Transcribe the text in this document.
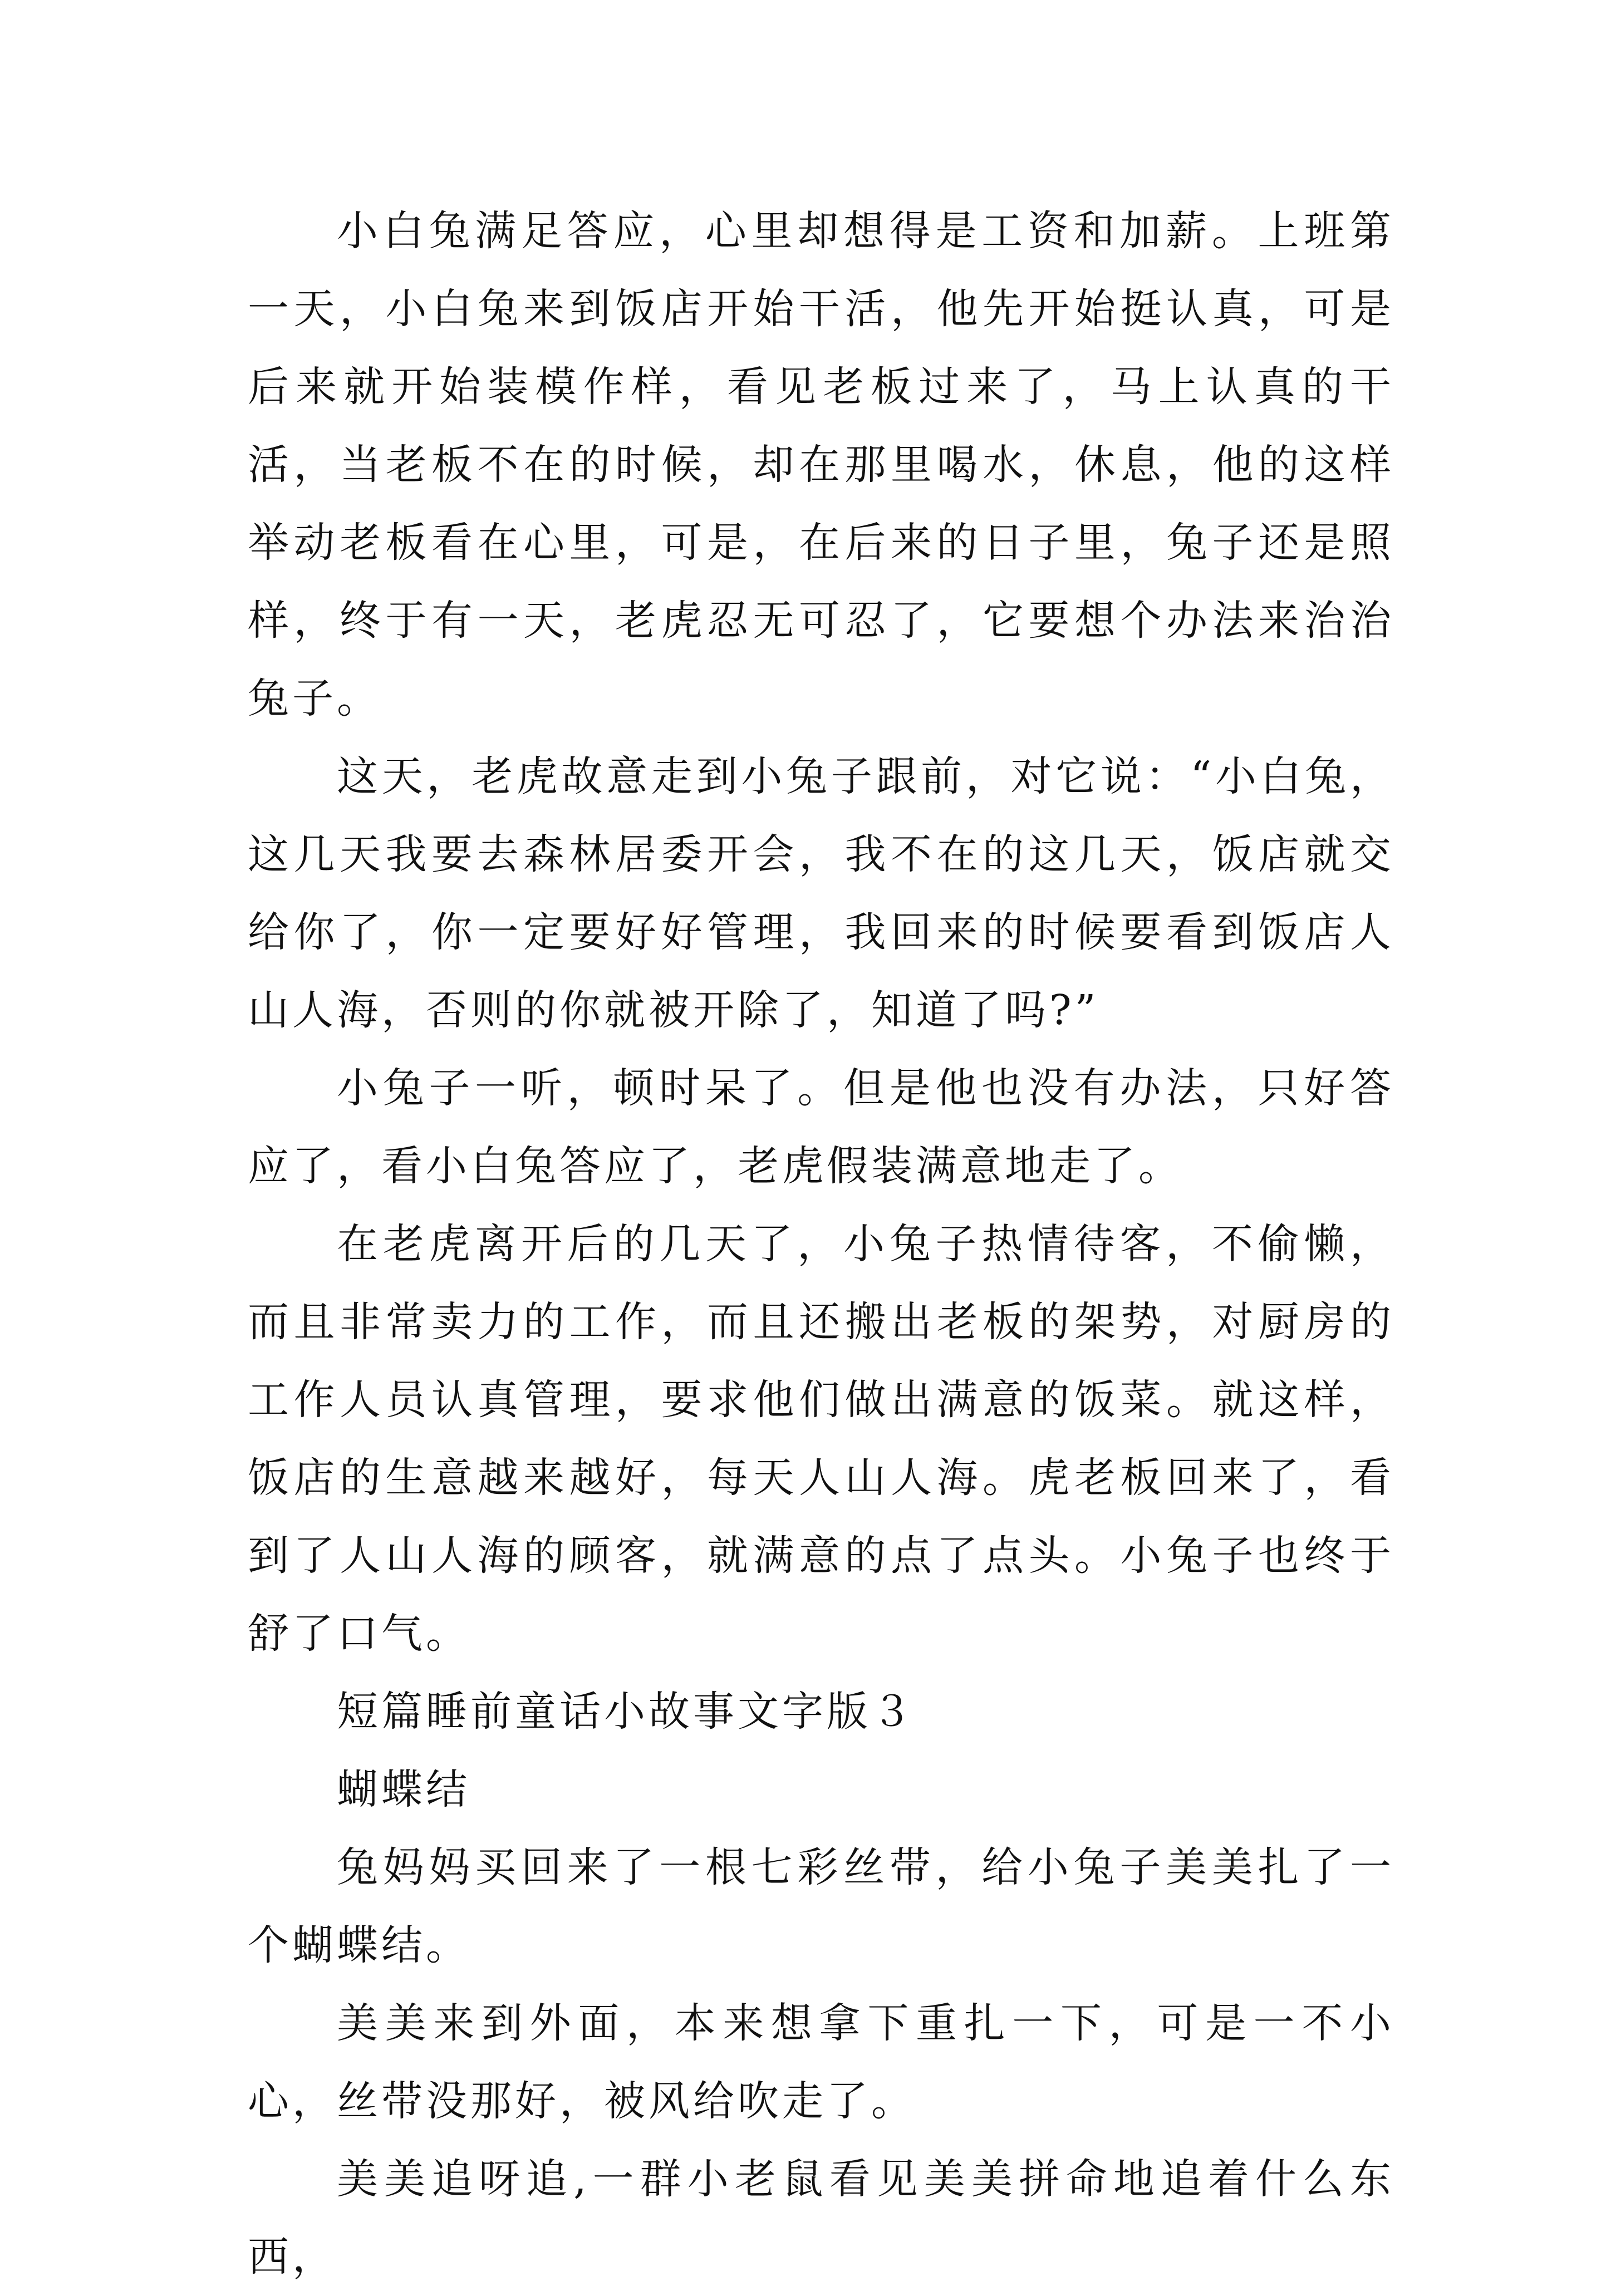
小白兔满足答应，心里却想得是工资和加薪。上班第一天，小白兔来到饭店开始干活，他先开始挺认真，可是后来就开始装模作样，看见老板过来了，马上认真的干活，当老板不在的时候，却在那里喝水，休息，他的这样举动老板看在心里，可是，在后来的日子里，兔子还是照样，终于有一天，老虎忍无可忍了，它要想个办法来治治兔子。

这天，老虎故意走到小兔子跟前，对它说：“小白兔，这几天我要去森林居委开会，我不在的这几天，饭店就交给你了，你一定要好好管理，我回来的时候要看到饭店人山人海，否则的你就被开除了，知道了吗?”

小兔子一听，顿时呆了。但是他也没有办法，只好答应了，看小白兔答应了，老虎假装满意地走了。

在老虎离开后的几天了，小兔子热情待客，不偷懒，而且非常卖力的工作，而且还搬出老板的架势，对厨房的工作人员认真管理，要求他们做出满意的饭菜。就这样，饭店的生意越来越好，每天人山人海。虎老板回来了，看到了人山人海的顾客，就满意的点了点头。小兔子也终于舒了口气。

短篇睡前童话小故事文字版３

蝴蝶结

兔妈妈买回来了一根七彩丝带，给小兔子美美扎了一个蝴蝶结。

美美来到外面，本来想拿下重扎一下，可是一不小心，丝带没那好，被风给吹走了。

美美追呀追,一群小老鼠看见美美拼命地追着什么东西，
